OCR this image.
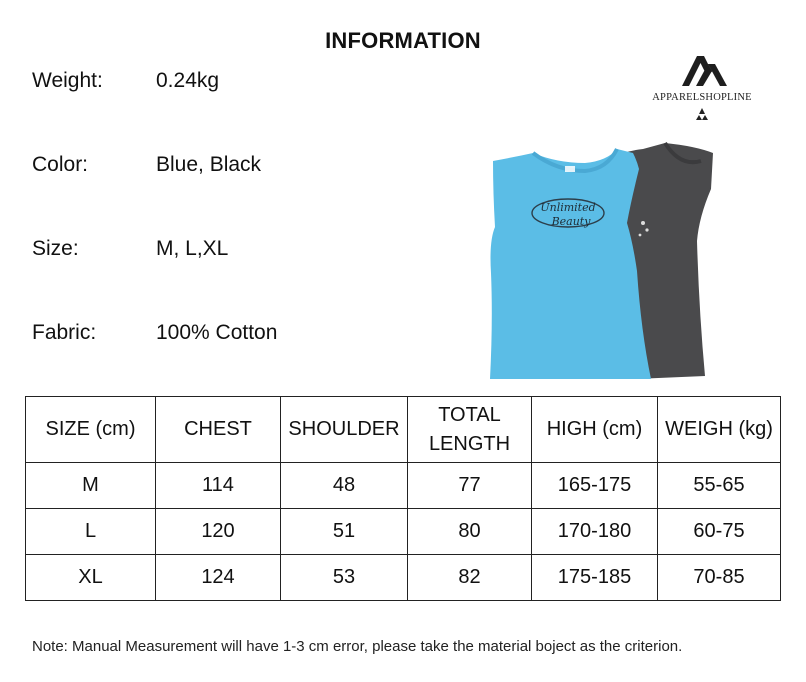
INFORMATION
Weight:	0.24kg
Color:	Blue, Black
Size:	M, L,XL
Fabric:	100% Cotton
APPARELSHOPLINE
Unlimited
Beauty
SIZE (cm)	CHEST	SHOULDER	TOTAL LENGTH	HIGH (cm)	WEIGH (kg)
M	114	48	77	165-175	55-65
L	120	51	80	170-180	60-75
XL	124	53	82	175-185	70-85
Note: Manual Measurement will have 1-3 cm error, please take the material boject as the criterion.
